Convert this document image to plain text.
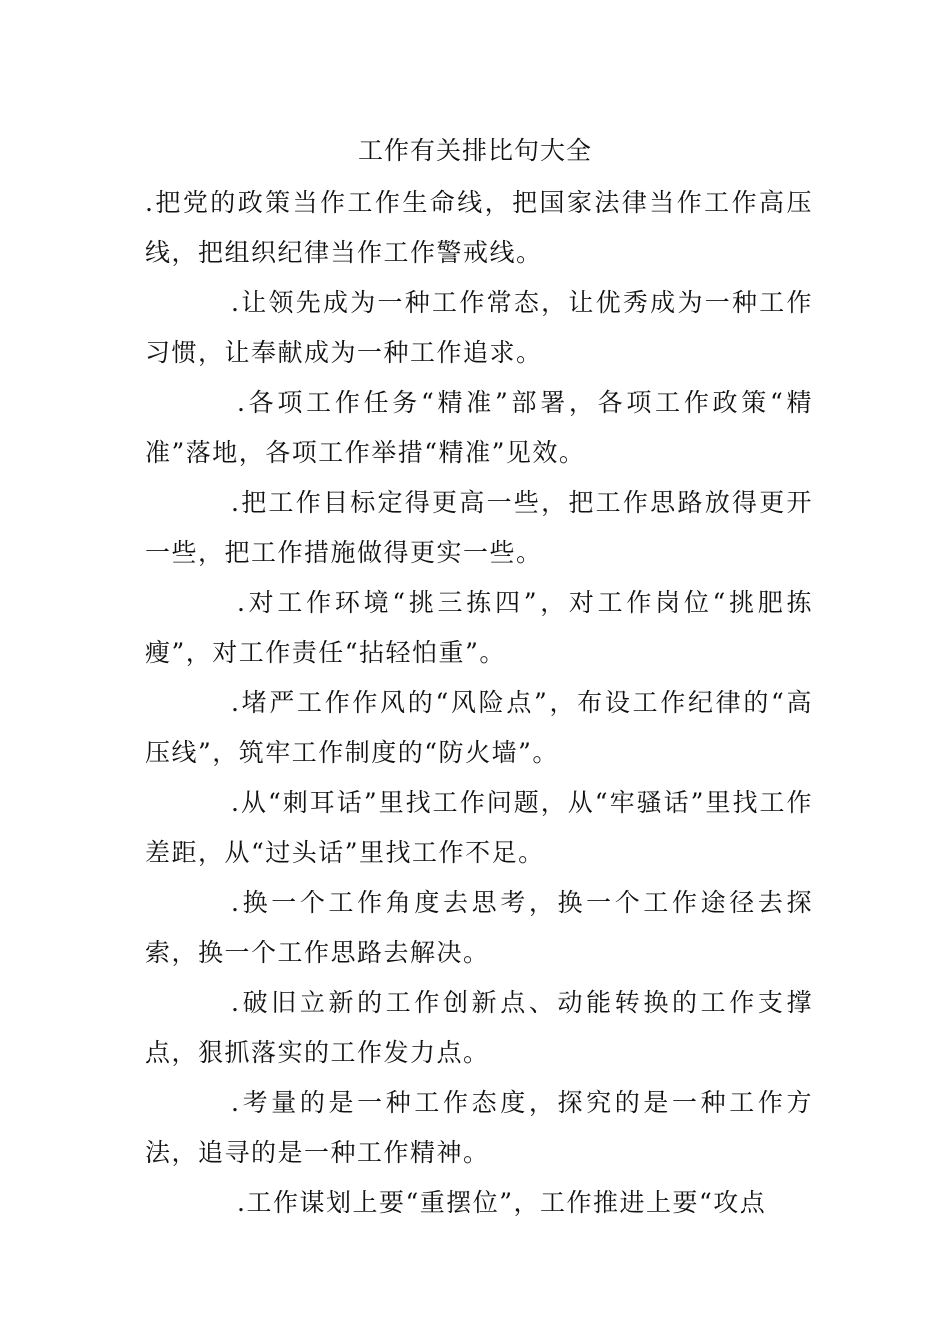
工作有关排比句大全

.把党的政策当作工作生命线，把国家法律当作工作高压线，把组织纪律当作工作警戒线。

.让领先成为一种工作常态，让优秀成为一种工作习惯，让奉献成为一种工作追求。

.各项工作任务“精准”部署，各项工作政策“精准”落地，各项工作举措“精准”见效。

.把工作目标定得更高一些，把工作思路放得更开一些，把工作措施做得更实一些。

.对工作环境“挑三拣四”，对工作岗位“挑肥拣瘦”，对工作责任“拈轻怕重”。

.堵严工作作风的“风险点”，布设工作纪律的“高压线”，筑牢工作制度的“防火墙”。

.从“刺耳话”里找工作问题，从“牢骚话”里找工作差距，从“过头话”里找工作不足。

.换一个工作角度去思考，换一个工作途径去探索，换一个工作思路去解决。

.破旧立新的工作创新点、动能转换的工作支撑点，狠抓落实的工作发力点。

.考量的是一种工作态度，探究的是一种工作方法，追寻的是一种工作精神。

.工作谋划上要“重摆位”，工作推进上要“攻点
